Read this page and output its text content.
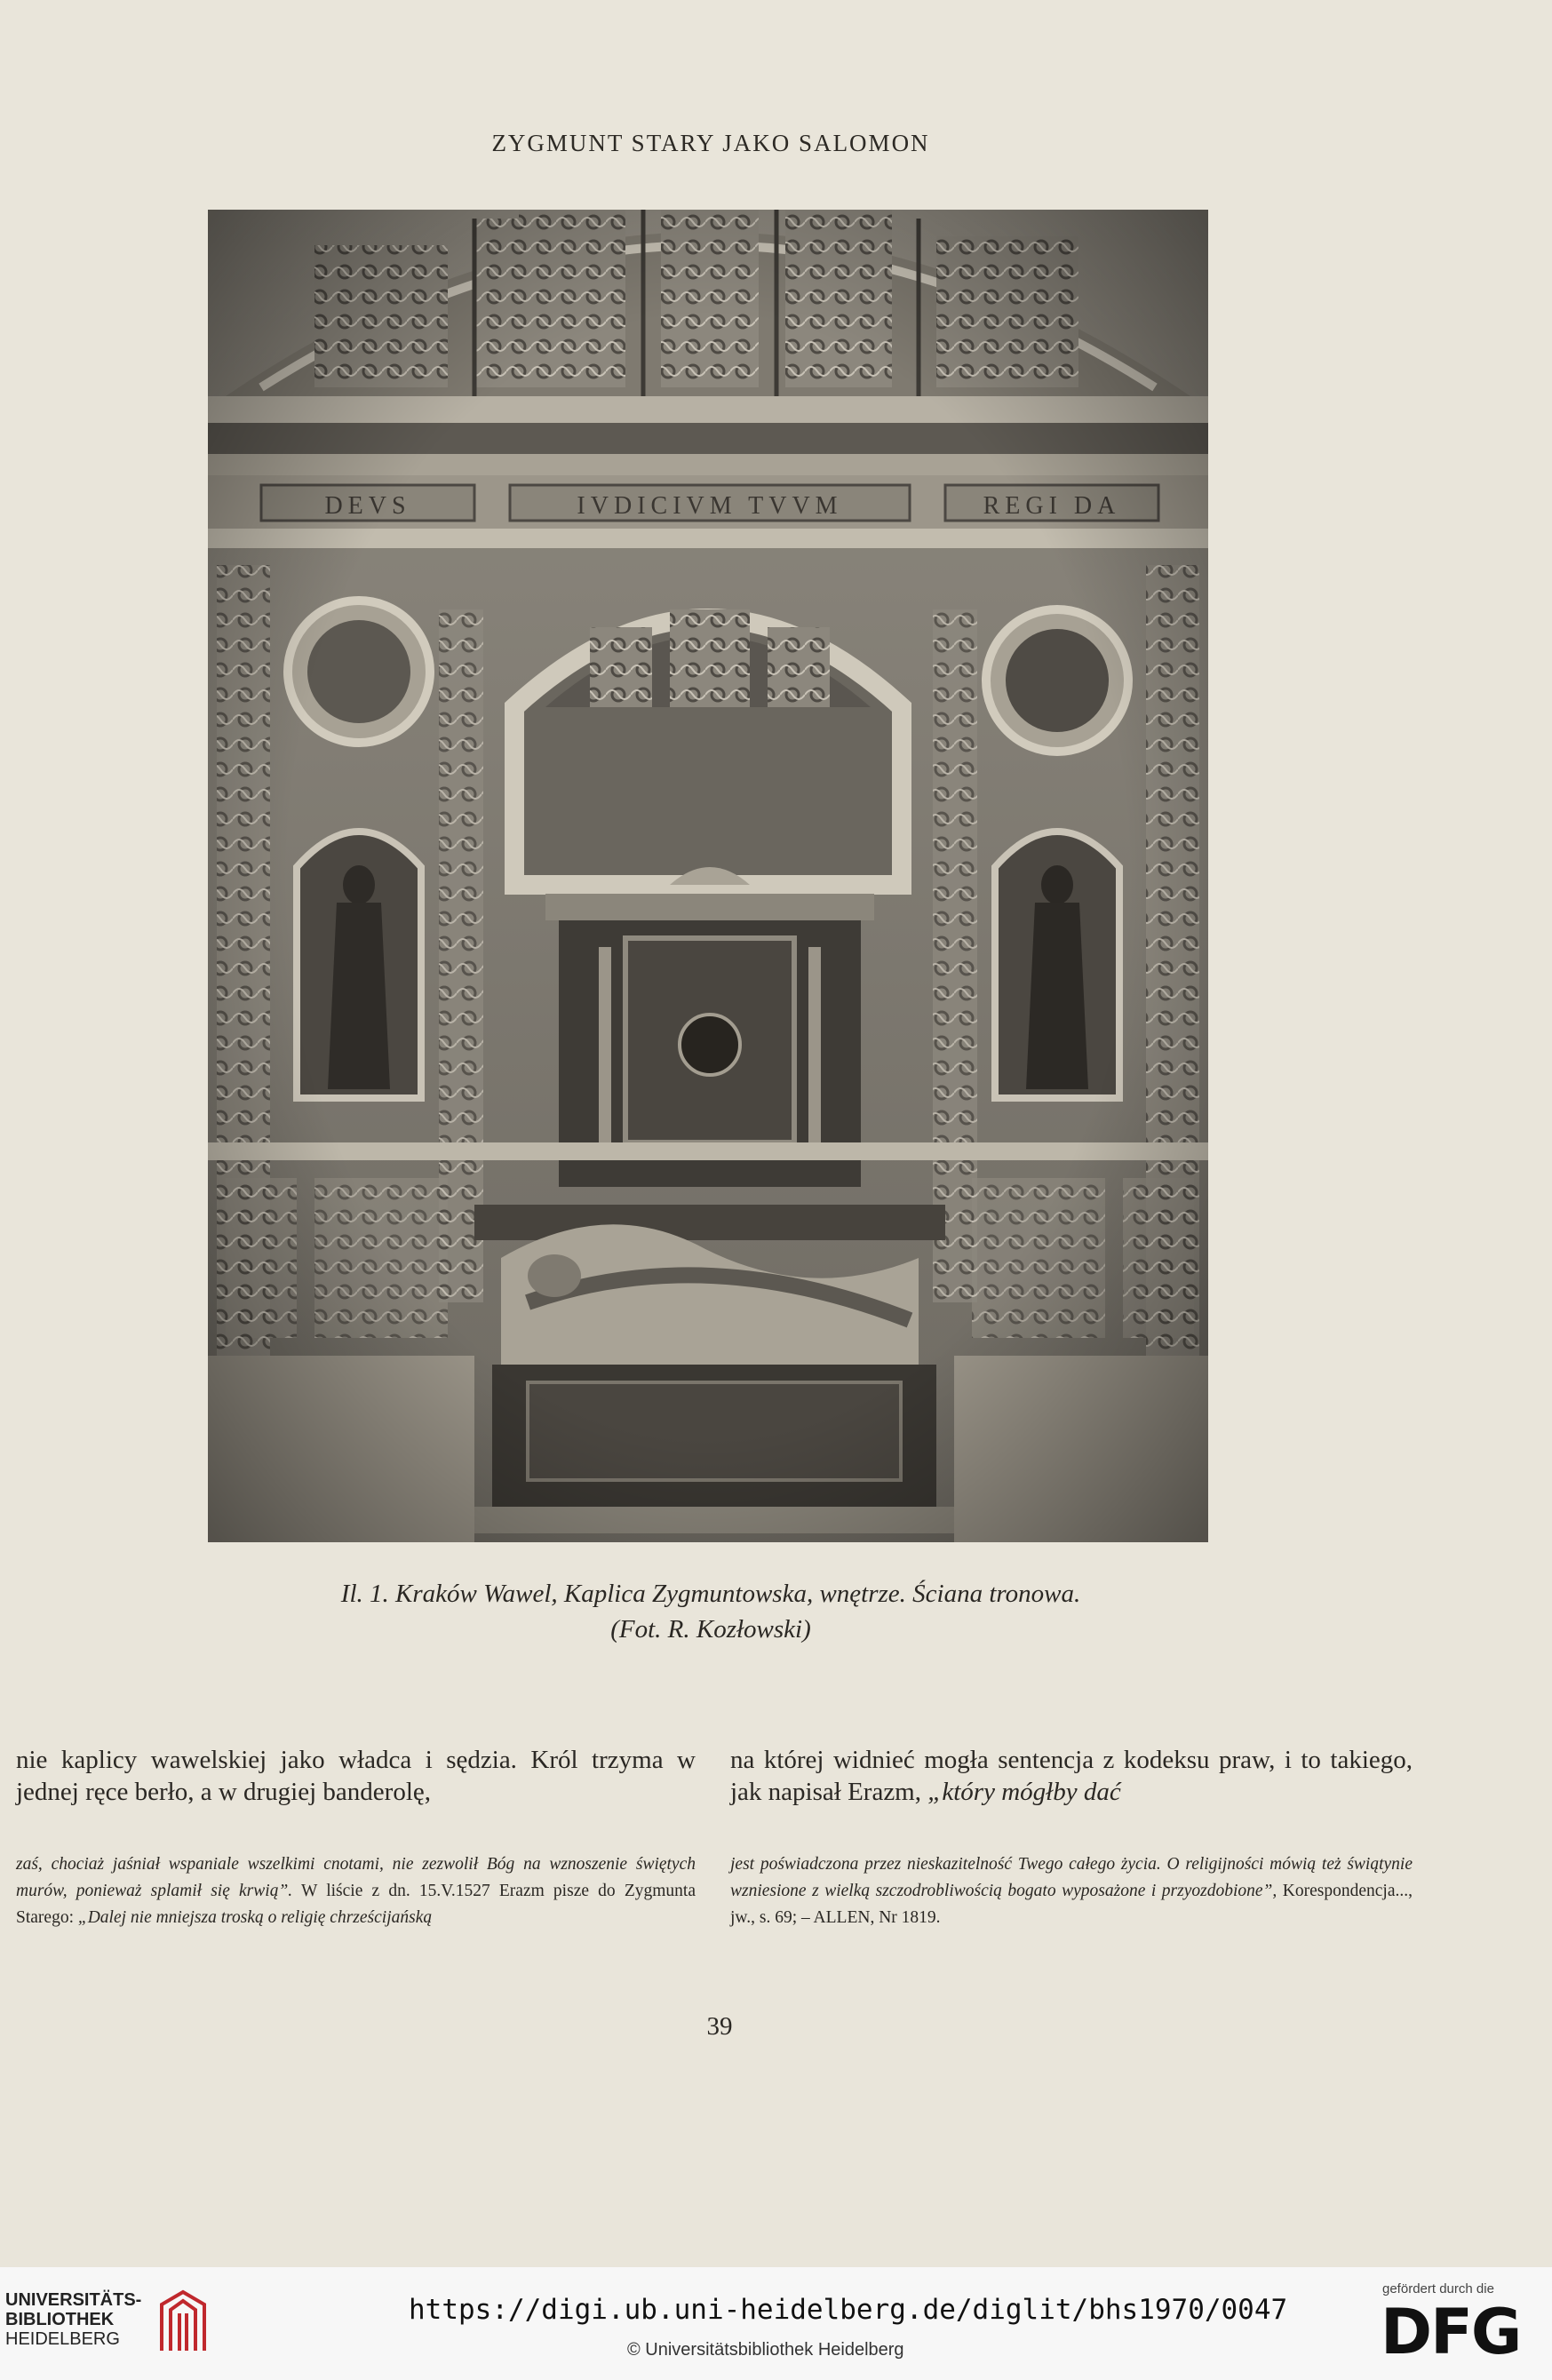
ZYGMUNT STARY JAKO SALOMON
Il. 1. Kraków Wawel, Kaplica Zygmuntowska, wnętrze. Ściana tronowa.
(Fot. R. Kozłowski)
nie kaplicy wawelskiej jako władca i sędzia. Król trzyma w jednej ręce berło, a w drugiej banderolę,
na której widnieć mogła sentencja z kodeksu praw, i to takiego, jak napisał Erazm, „który mógłby dać
zaś, chociaż jaśniał wspaniale wszelkimi cnotami, nie zezwolił Bóg na wznoszenie świętych murów, ponieważ splamił się krwią”. W liście z dn. 15.V.1527 Erazm pisze do Zygmunta Starego: „Dalej nie mniejsza troską o religię chrześcijańską
jest poświadczona przez nieskazitelność Twego całego życia. O religijności mówią też świątynie wzniesione z wielką szczodrobliwością bogato wyposażone i przyozdobione”, Korespondencja..., jw., s. 69; – ALLEN, Nr 1819.
39
UNIVERSITÄTS-
BIBLIOTHEK
HEIDELBERG
https://digi.ub.uni-heidelberg.de/diglit/bhs1970/0047
© Universitätsbibliothek Heidelberg
gefördert durch die
DFG
